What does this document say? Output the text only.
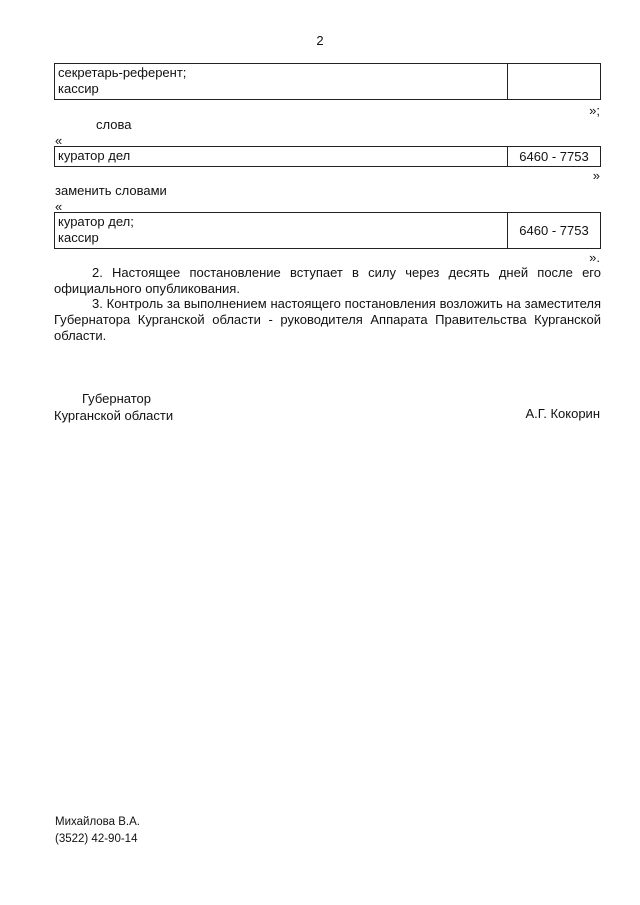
2
секретарь-референт;
кассир
»;
слова
«
куратор дел	6460 - 7753
»
заменить словами
«
куратор дел;
кассир	6460 - 7753
».
2. Настоящее постановление вступает в силу через десять дней после его официального опубликования.
3. Контроль за выполнением настоящего постановления возложить на заместителя Губернатора Курганской области - руководителя Аппарата Правительства Курганской области.
Губернатор
Курганской области	А.Г. Кокорин
Михайлова В.А.
(3522) 42-90-14
